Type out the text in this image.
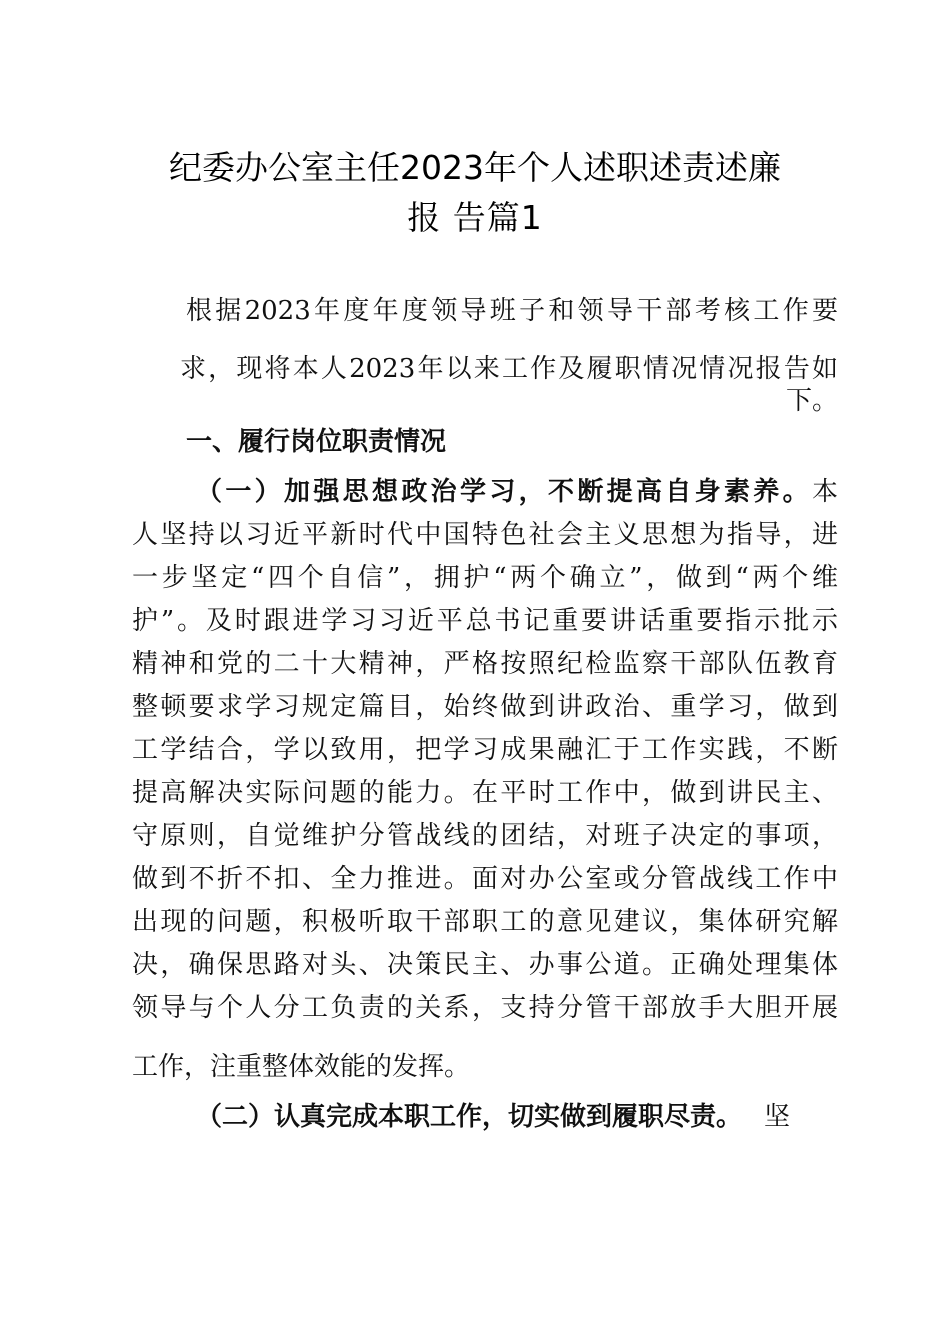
纪委办公室主任2023年个人述职述责述廉
报 告篇1
根据2023年度年度领导班子和领导干部考核工作要
求，现将本人2023年以来工作及履职情况情况报告如
下。
一、履行岗位职责情况
（一）加强思想政治学习，不断提高自身素养。本
人坚持以习近平新时代中国特色社会主义思想为指导，进
一步坚定“四个自信”，拥护“两个确立”，做到“两个维
护”。及时跟进学习习近平总书记重要讲话重要指示批示
精神和党的二十大精神，严格按照纪检监察干部队伍教育
整顿要求学习规定篇目，始终做到讲政治、重学习，做到
工学结合，学以致用，把学习成果融汇于工作实践，不断
提高解决实际问题的能力。在平时工作中，做到讲民主、
守原则，自觉维护分管战线的团结，对班子决定的事项，
做到不折不扣、全力推进。面对办公室或分管战线工作中
出现的问题，积极听取干部职工的意见建议，集体研究解
决，确保思路对头、决策民主、办事公道。正确处理集体
领导与个人分工负责的关系，支持分管干部放手大胆开展
工作，注重整体效能的发挥。
（二）认真完成本职工作，切实做到履职尽责。 坚
